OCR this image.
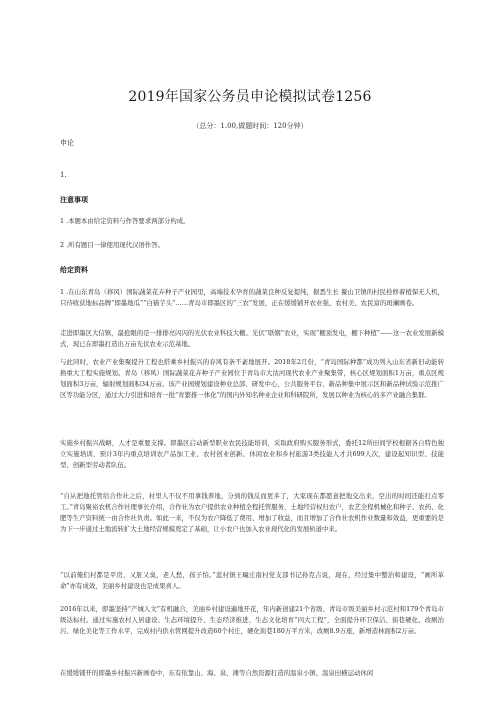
2019年国家公务员申论模拟试卷1256
（总分：1.00,做题时间：120分钟）
申论
1.
注意事项
1 .本题本由给定资料与作答要求两部分构成。
2 .所有题目一律使用现代汉语作答。
给定资料
1 .在山东青岛（移风）国际蔬菜花卉种子产业园里，高端技术孕育的蔬菜良种反复提纯，据悉生长 鳌山卫镇的村民栓修着植保无人机，只待收获地标品牌“即墨地瓜”“白猫芋头”……青岛市即墨区的“三农”发展，正在缓缓铺开农业强、农村美、农民富的斑斓画卷。
走进即墨区大信镇，最抢眼的是一排排亮闪闪的光伏农业科技大棚。光伏“联姻”农业，实现“棚顶发电，棚下种植”——这一农业发展新模式，现已在即墨打造出万亩光伏农业示范基地。
与此同时，农业产业集聚提升工程也搭乘乡村振兴的春风有条不紊地展开。2018年2月份，“青岛国际种都”成功列入山东省新旧动能转换重大工程实施规划。青岛（移风）国际蔬菜花卉种子产业园位于青岛市大沽河现代农业产业聚集带，核心区规划面积1万亩，重点区规划面积3万亩，辐射规划面积34万亩。该产业园规划建设种业总部、研发中心、公共服务平台、新品种集中展示区和新品种试验示范推广区等功能分区，通过大力引进和培育一批“育繁推一体化”的国内外知名种业企业和科研院所，发展以种业为核心的多产业融合集群。
实施乡村振兴战略，人才是重要支撑。即墨区启动新型职业农民技能培训，采取政府购买服务形式，委托12所田间学校根据各自特色独立实施培训，预计3年内重点培训农产品加工业、农村创业创新、休闲农业和乡村旅游3类技能人才共699人次，建设起知识型、技能型、创新型劳动者队伍。
“自从把地托管给合作社之后，村里人不仅不用拿钱养地，分到的钱反而更多了，大家现在都愿意把地交出来，空出的时间还能打点零工。”青岛聚裕农机合作社理事长介绍，合作社为农户提供农业种植全程托管服务，土地经营权归农户，农艺全程机械化和种子、农药、化肥等生产资料统一由合作社负责。如此一来，不仅为农户降低了费用、增加了收益，而且增加了合作社农机作业数量和效益，更重要的是为下一步通过土地流转扩大土地经营规模奠定了基础，让小农户也加入农业现代化的发展轨道中来。
“以前俺们村都是平房，又脏又臭，老人愁，孩子怕。”蓝村镇王疃庄南村党支部书记孙克吉说，现在，经过集中整治和建设，“画所革命”亦有成效，美丽乡村建设也是成果喜人。
2016年以来，即墨坚持“产城人文”有机融合，美丽乡村建设遍地开花，年内新创建21个省级、青岛市级美丽乡村示范村和179个青岛市级达标村。通过实施农村人居建设、生态环境提升、生态经济推进、生态文化培育“四大工程”，全面提升环卫保洁、街巷硬化、改厕治污、绿化美化等工作水平，完成村内供水管网提升改造60个村庄，硬化街巷180万平方米，改厕8.9万座，新增造林面积2万亩。
在缓缓铺开的即墨乡村振兴新画卷中，东有依靠山、海、泉、滩等自然资源打造的温泉小镇、温泉田横运动休闲
